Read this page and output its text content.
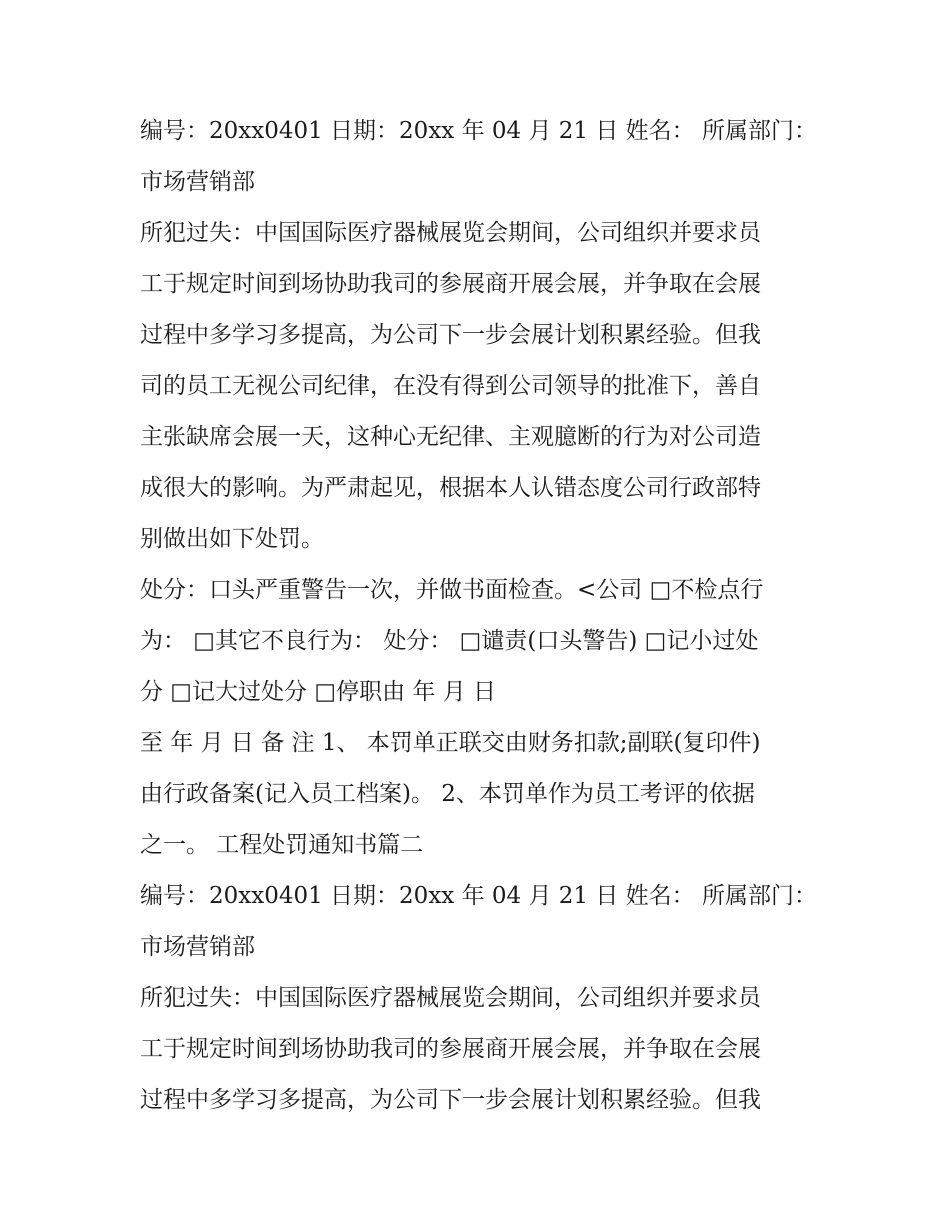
编号：20xx0401 日期：20xx 年 04 月 21 日 姓名： 所属部门：
市场营销部
所犯过失：中国国际医疗器械展览会期间，公司组织并要求员
工于规定时间到场协助我司的参展商开展会展，并争取在会展
过程中多学习多提高，为公司下一步会展计划积累经验。但我
司的员工无视公司纪律，在没有得到公司领导的批准下，善自
主张缺席会展一天，这种心无纪律、主观臆断的行为对公司造
成很大的影响。为严肃起见，根据本人认错态度公司行政部特
别做出如下处罚。
处分：口头严重警告一次，并做书面检查。<公司 □不检点行
为： □其它不良行为： 处分： □谴责(口头警告) □记小过处
分 □记大过处分 □停职由 年 月 日
至 年 月 日 备 注 1、 本罚单正联交由财务扣款;副联(复印件)
由行政备案(记入员工档案)。 2、本罚单作为员工考评的依据
之一。 工程处罚通知书篇二
编号：20xx0401 日期：20xx 年 04 月 21 日 姓名： 所属部门：
市场营销部
所犯过失：中国国际医疗器械展览会期间，公司组织并要求员
工于规定时间到场协助我司的参展商开展会展，并争取在会展
过程中多学习多提高，为公司下一步会展计划积累经验。但我
